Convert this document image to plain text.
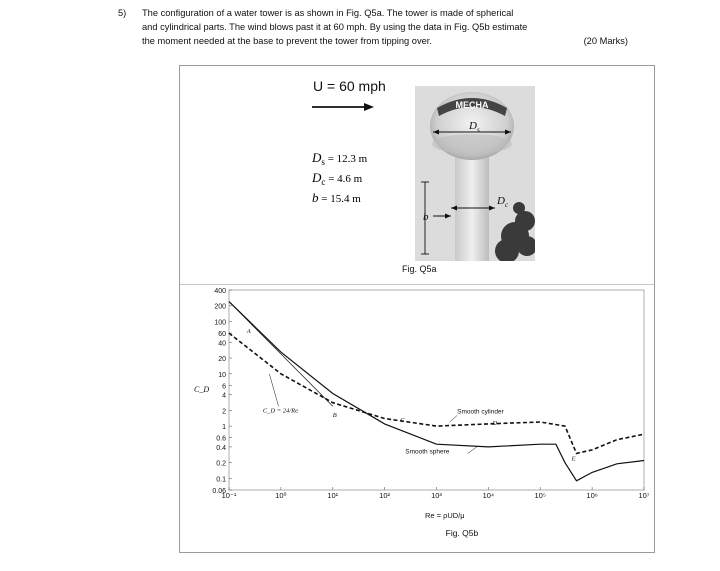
5) The configuration of a water tower is as shown in Fig. Q5a. The tower is made of spherical
and cylindrical parts. The wind blows past it at 60 mph. By using the data in Fig. Q5b estimate
the moment needed at the base to prevent the tower from tipping over.	(20 Marks)
U = 60 mph
$D_s = 12.3$ m
$D_c = 4.6$ m
b = 15.4 m
MECHA
D s
D c
b
Fig. Q5a
400
200
100
60
40
20
10
6
4
2
1
0.6
0.4
0.2
0.1
0.06
10⁻¹	10⁰	10¹	10²	10³	10⁴	10⁵	10⁶	10⁷
C_D
Re = ρUD/μ
Smooth cylinder
Smooth sphere
C_D = 24/Re
A
B
C	D
E
Fig. Q5b
